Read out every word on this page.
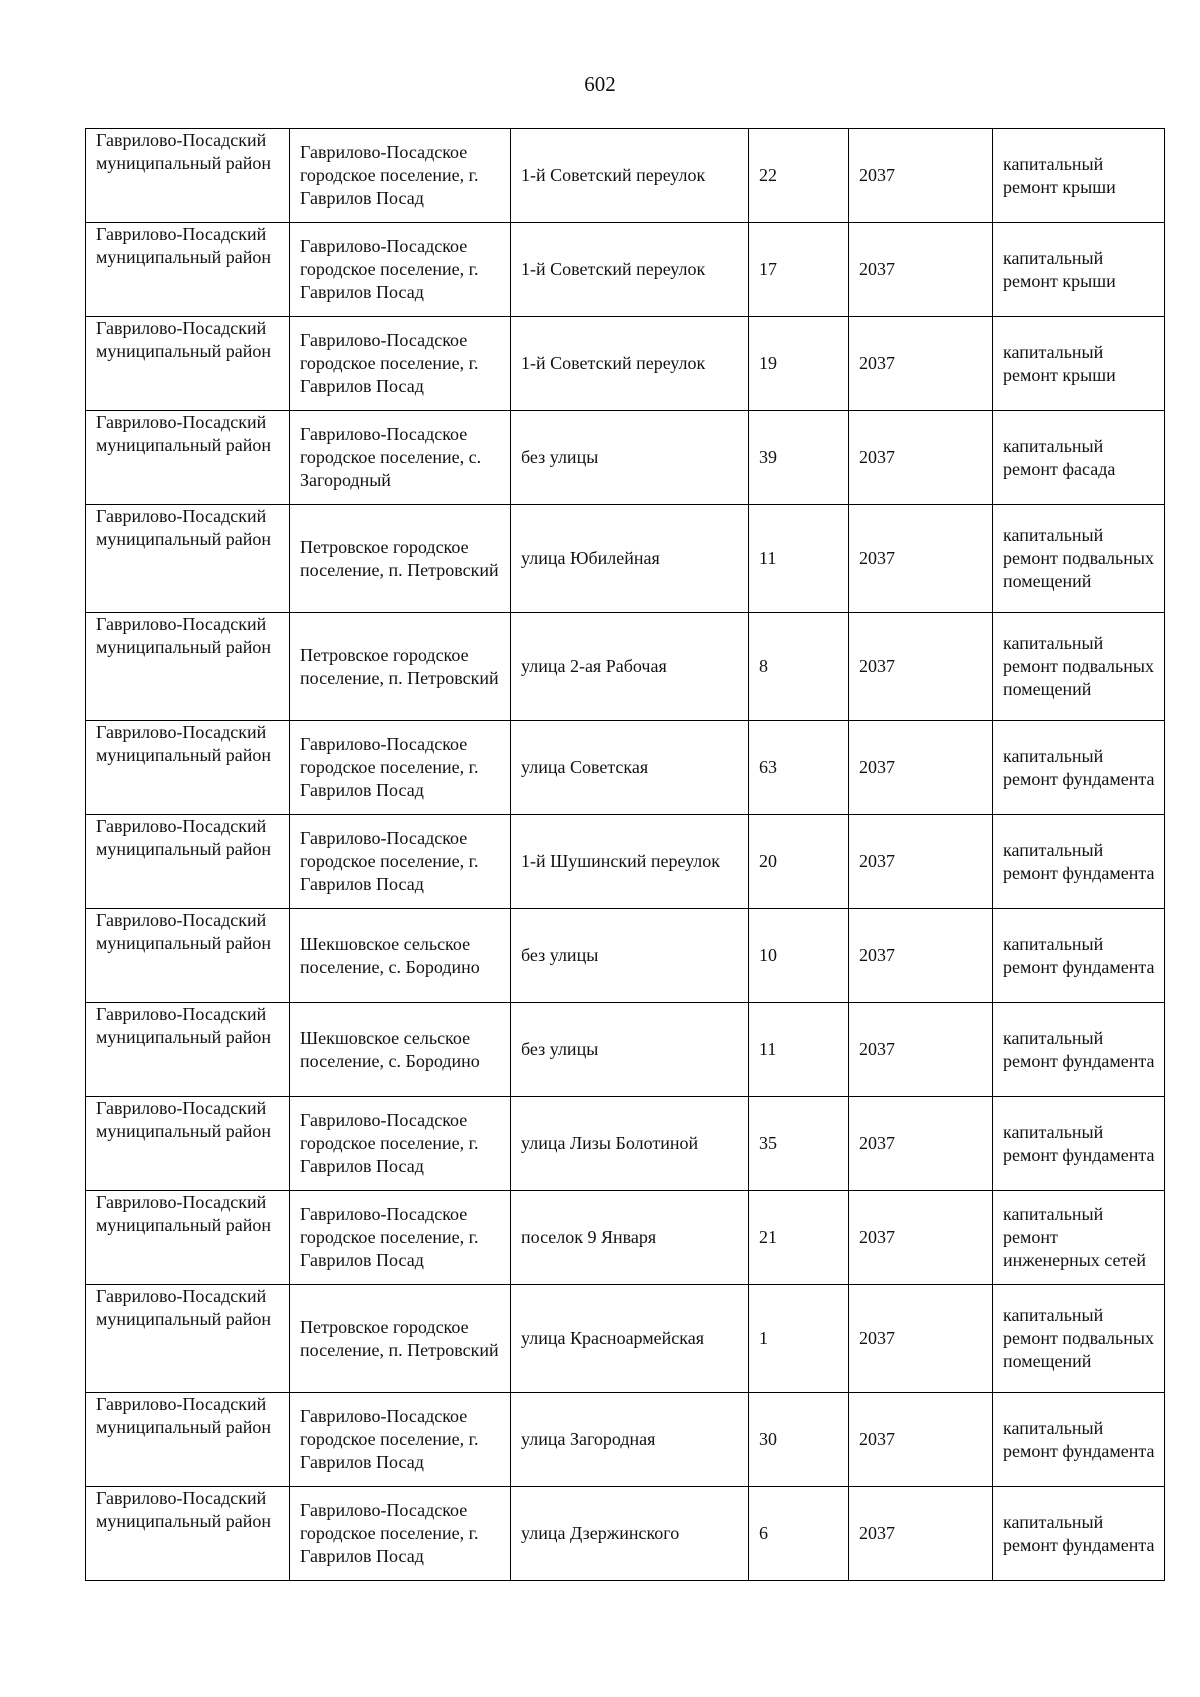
602
Гаврилово-Посадский муниципальный район	Гаврилово-Посадское городское поселение, г. Гаврилов Посад	1-й Советский переулок	22	2037	капитальный ремонт крыши
Гаврилово-Посадский муниципальный район	Гаврилово-Посадское городское поселение, г. Гаврилов Посад	1-й Советский переулок	17	2037	капитальный ремонт крыши
Гаврилово-Посадский муниципальный район	Гаврилово-Посадское городское поселение, г. Гаврилов Посад	1-й Советский переулок	19	2037	капитальный ремонт крыши
Гаврилово-Посадский муниципальный район	Гаврилово-Посадское городское поселение, с. Загородный	без улицы	39	2037	капитальный ремонт фасада
Гаврилово-Посадский муниципальный район	Петровское городское поселение, п. Петровский	улица Юбилейная	11	2037	капитальный ремонт подвальных помещений
Гаврилово-Посадский муниципальный район	Петровское городское поселение, п. Петровский	улица 2-ая Рабочая	8	2037	капитальный ремонт подвальных помещений
Гаврилово-Посадский муниципальный район	Гаврилово-Посадское городское поселение, г. Гаврилов Посад	улица Советская	63	2037	капитальный ремонт фундамента
Гаврилово-Посадский муниципальный район	Гаврилово-Посадское городское поселение, г. Гаврилов Посад	1-й Шушинский переулок	20	2037	капитальный ремонт фундамента
Гаврилово-Посадский муниципальный район	Шекшовское сельское поселение, с. Бородино	без улицы	10	2037	капитальный ремонт фундамента
Гаврилово-Посадский муниципальный район	Шекшовское сельское поселение, с. Бородино	без улицы	11	2037	капитальный ремонт фундамента
Гаврилово-Посадский муниципальный район	Гаврилово-Посадское городское поселение, г. Гаврилов Посад	улица Лизы Болотиной	35	2037	капитальный ремонт фундамента
Гаврилово-Посадский муниципальный район	Гаврилово-Посадское городское поселение, г. Гаврилов Посад	поселок 9 Января	21	2037	капитальный ремонт инженерных сетей
Гаврилово-Посадский муниципальный район	Петровское городское поселение, п. Петровский	улица Красноармейская	1	2037	капитальный ремонт подвальных помещений
Гаврилово-Посадский муниципальный район	Гаврилово-Посадское городское поселение, г. Гаврилов Посад	улица Загородная	30	2037	капитальный ремонт фундамента
Гаврилово-Посадский муниципальный район	Гаврилово-Посадское городское поселение, г. Гаврилов Посад	улица Дзержинского	6	2037	капитальный ремонт фундамента
